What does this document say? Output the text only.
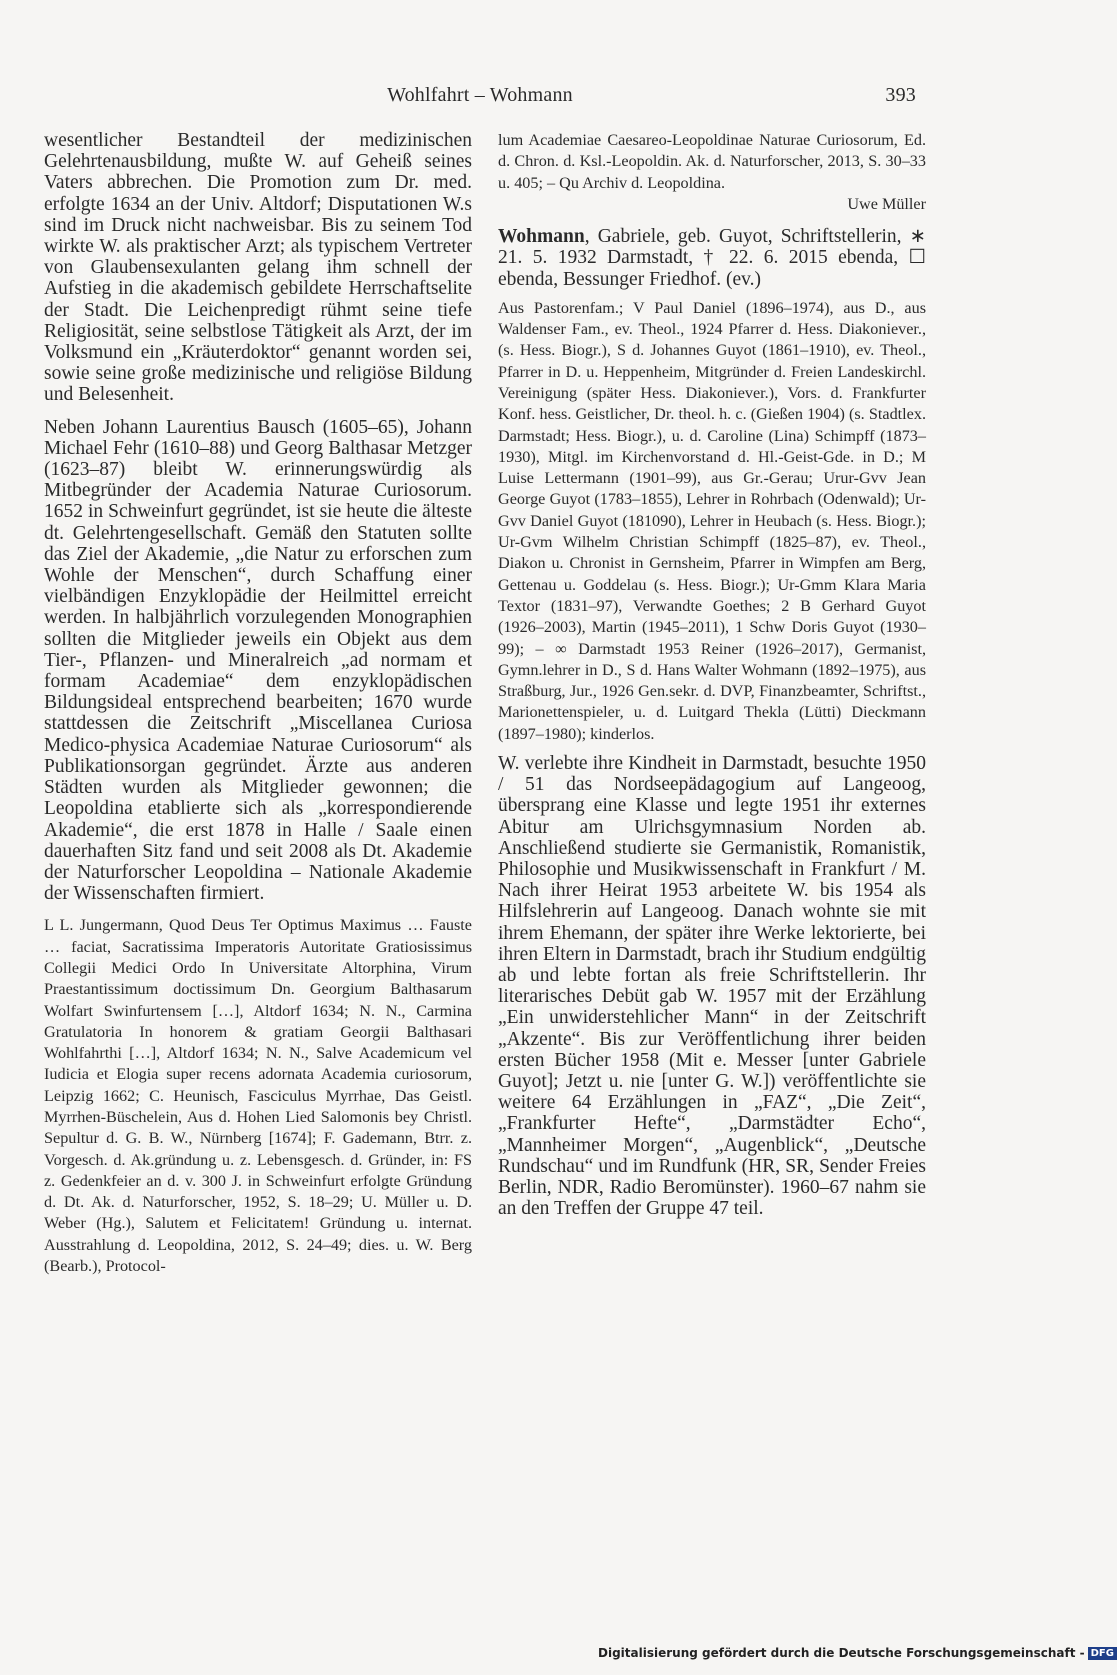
Wohlfahrt – Wohmann	393

wesentlicher Bestandteil der medizinischen Gelehrtenausbildung, mußte W. auf Geheiß seines Vaters abbrechen. Die Promotion zum Dr. med. erfolgte 1634 an der Univ. Altdorf; Disputationen W.s sind im Druck nicht nachweisbar. Bis zu seinem Tod wirkte W. als praktischer Arzt; als typischem Vertreter von Glaubensexulanten gelang ihm schnell der Aufstieg in die akademisch gebildete Herrschaftselite der Stadt. Die Leichenpredigt rühmt seine tiefe Religiosität, seine selbstlose Tätigkeit als Arzt, der im Volksmund ein „Kräuterdoktor“ genannt worden sei, sowie seine große medizinische und religiöse Bildung und Belesenheit.

Neben Johann Laurentius Bausch (1605–65), Johann Michael Fehr (1610–88) und Georg Balthasar Metzger (1623–87) bleibt W. erinnerungswürdig als Mitbegründer der Academia Naturae Curiosorum. 1652 in Schweinfurt gegründet, ist sie heute die älteste dt. Gelehrtengesellschaft. Gemäß den Statuten sollte das Ziel der Akademie, „die Natur zu erforschen zum Wohle der Menschen“, durch Schaffung einer vielbändigen Enzyklopädie der Heilmittel erreicht werden. In halbjährlich vorzulegenden Monographien sollten die Mitglieder jeweils ein Objekt aus dem Tier-, Pflanzen- und Mineralreich „ad normam et formam Academiae“ dem enzyklopädischen Bildungsideal entsprechend bearbeiten; 1670 wurde stattdessen die Zeitschrift „Miscellanea Curiosa Medico-physica Academiae Naturae Curiosorum“ als Publikationsorgan gegründet. Ärzte aus anderen Städten wurden als Mitglieder gewonnen; die Leopoldina etablierte sich als „korrespondierende Akademie“, die erst 1878 in Halle / Saale einen dauerhaften Sitz fand und seit 2008 als Dt. Akademie der Naturforscher Leopoldina – Nationale Akademie der Wissenschaften firmiert.

L L. Jungermann, Quod Deus Ter Optimus Maximus … Fauste … faciat, Sacratissima Imperatoris Autoritate Gratiosissimus Collegii Medici Ordo In Universitate Altorphina, Virum Praestantissimum doctissimum Dn. Georgium Balthasarum Wolfart Swinfurtensem […], Altdorf 1634; N. N., Carmina Gratulatoria In honorem & gratiam Georgii Balthasari Wohlfahrthi […], Altdorf 1634; N. N., Salve Academicum vel Iudicia et Elogia super recens adornata Academia curiosorum, Leipzig 1662; C. Heunisch, Fasciculus Myrrhae, Das Geistl. Myrrhen-Büschelein, Aus d. Hohen Lied Salomonis bey Christl. Sepultur d. G. B. W., Nürnberg [1674]; F. Gademann, Btrr. z. Vorgesch. d. Ak.gründung u. z. Lebensgesch. d. Gründer, in: FS z. Gedenkfeier an d. v. 300 J. in Schweinfurt erfolgte Gründung d. Dt. Ak. d. Naturforscher, 1952, S. 18–29; U. Müller u. D. Weber (Hg.), Salutem et Felicitatem! Gründung u. internat. Ausstrahlung d. Leopoldina, 2012, S. 24–49; dies. u. W. Berg (Bearb.), Protocol-

lum Academiae Caesareo-Leopoldinae Naturae Curiosorum, Ed. d. Chron. d. Ksl.-Leopoldin. Ak. d. Naturforscher, 2013, S. 30–33 u. 405; – Qu Archiv d. Leopoldina.

Uwe Müller

Wohmann, Gabriele, geb. Guyot, Schriftstellerin, ∗ 21. 5. 1932 Darmstadt, † 22. 6. 2015 ebenda, ☐ ebenda, Bessunger Friedhof. (ev.)

Aus Pastorenfam.; V Paul Daniel (1896–1974), aus D., aus Waldenser Fam., ev. Theol., 1924 Pfarrer d. Hess. Diakoniever., (s. Hess. Biogr.), S d. Johannes Guyot (1861–1910), ev. Theol., Pfarrer in D. u. Heppenheim, Mitgründer d. Freien Landeskirchl. Vereinigung (später Hess. Diakoniever.), Vors. d. Frankfurter Konf. hess. Geistlicher, Dr. theol. h. c. (Gießen 1904) (s. Stadtlex. Darmstadt; Hess. Biogr.), u. d. Caroline (Lina) Schimpff (1873–1930), Mitgl. im Kirchenvorstand d. Hl.-Geist-Gde. in D.; M Luise Lettermann (1901–99), aus Gr.-Gerau; Urur-Gvv Jean George Guyot (1783–1855), Lehrer in Rohrbach (Odenwald); Ur-Gvv Daniel Guyot (181090), Lehrer in Heubach (s. Hess. Biogr.); Ur-Gvm Wilhelm Christian Schimpff (1825–87), ev. Theol., Diakon u. Chronist in Gernsheim, Pfarrer in Wimpfen am Berg, Gettenau u. Goddelau (s. Hess. Biogr.); Ur-Gmm Klara Maria Textor (1831–97), Verwandte Goethes; 2 B Gerhard Guyot (1926–2003), Martin (1945–2011), 1 Schw Doris Guyot (1930–99); – ∞ Darmstadt 1953 Reiner (1926–2017), Germanist, Gymn.lehrer in D., S d. Hans Walter Wohmann (1892–1975), aus Straßburg, Jur., 1926 Gen.sekr. d. DVP, Finanzbeamter, Schriftst., Marionettenspieler, u. d. Luitgard Thekla (Lütti) Dieckmann (1897–1980); kinderlos.

W. verlebte ihre Kindheit in Darmstadt, besuchte 1950 / 51 das Nordseepädagogium auf Langeoog, übersprang eine Klasse und legte 1951 ihr externes Abitur am Ulrichsgymnasium Norden ab. Anschließend studierte sie Germanistik, Romanistik, Philosophie und Musikwissenschaft in Frankfurt / M. Nach ihrer Heirat 1953 arbeitete W. bis 1954 als Hilfslehrerin auf Langeoog. Danach wohnte sie mit ihrem Ehemann, der später ihre Werke lektorierte, bei ihren Eltern in Darmstadt, brach ihr Studium endgültig ab und lebte fortan als freie Schriftstellerin. Ihr literarisches Debüt gab W. 1957 mit der Erzählung „Ein unwiderstehlicher Mann“ in der Zeitschrift „Akzente“. Bis zur Veröffentlichung ihrer beiden ersten Bücher 1958 (Mit e. Messer [unter Gabriele Guyot]; Jetzt u. nie [unter G. W.]) veröffentlichte sie weitere 64 Erzählungen in „FAZ“, „Die Zeit“, „Frankfurter Hefte“, „Darmstädter Echo“, „Mannheimer Morgen“, „Augenblick“, „Deutsche Rundschau“ und im Rundfunk (HR, SR, Sender Freies Berlin, NDR, Radio Beromünster). 1960–67 nahm sie an den Treffen der Gruppe 47 teil.

Digitalisierung gefördert durch die Deutsche Forschungsgemeinschaft - DFG
